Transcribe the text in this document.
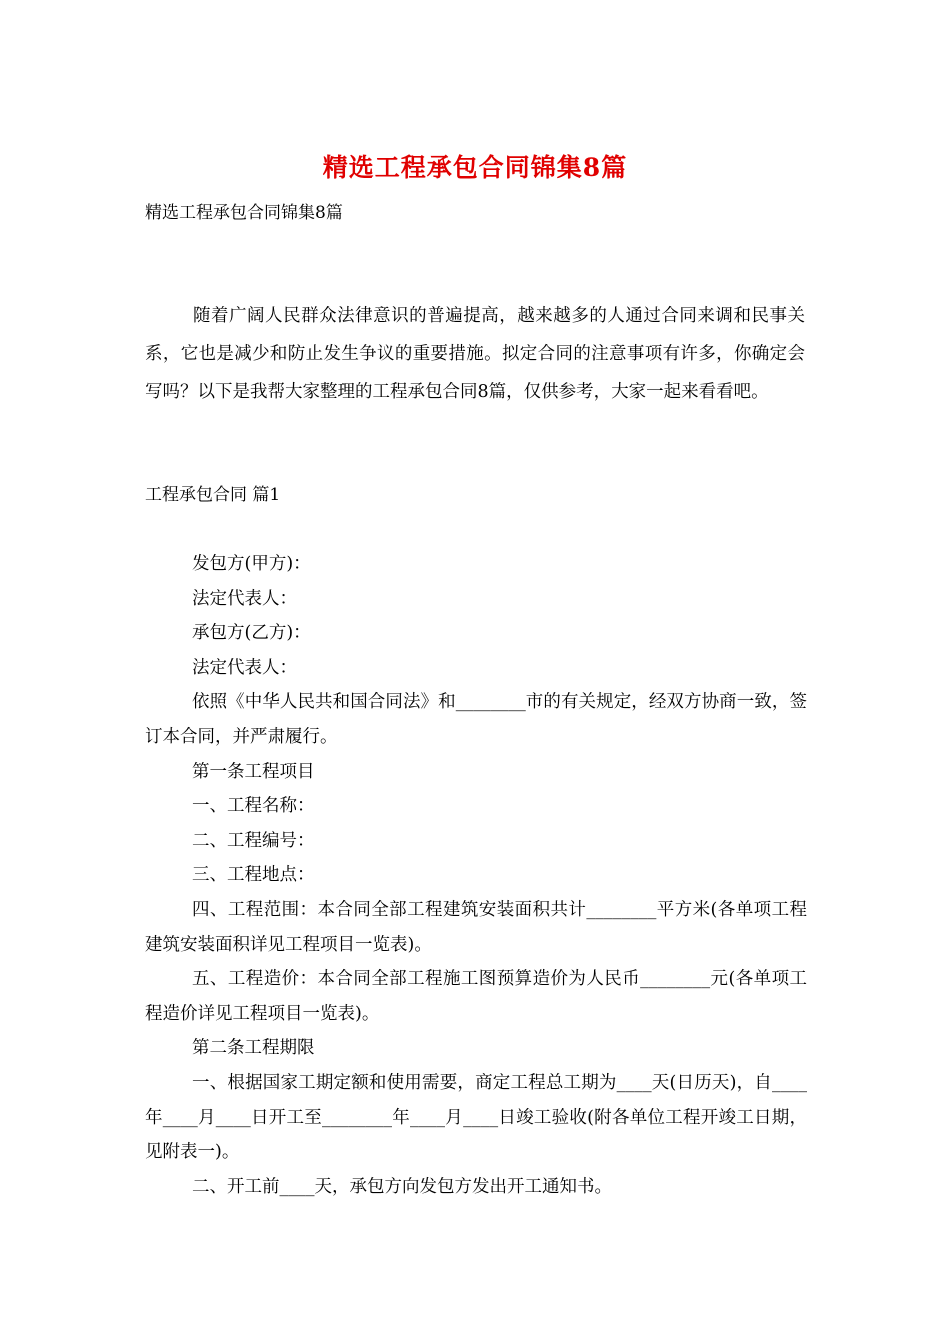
精选工程承包合同锦集8篇
精选工程承包合同锦集8篇

随着广阔人民群众法律意识的普遍提高，越来越多的人通过合同来调和民事关系，它也是减少和防止发生争议的重要措施。拟定合同的注意事项有许多，你确定会写吗？以下是我帮大家整理的工程承包合同8篇，仅供参考，大家一起来看看吧。

工程承包合同 篇1

发包方(甲方)：

法定代表人：

承包方(乙方)：

法定代表人：

依照《中华人民共和国合同法》和________市的有关规定，经双方协商一致，签订本合同，并严肃履行。

第一条工程项目

一、工程名称：

二、工程编号：

三、工程地点：

四、工程范围：本合同全部工程建筑安装面积共计________平方米(各单项工程建筑安装面积详见工程项目一览表)。

五、工程造价：本合同全部工程施工图预算造价为人民币________元(各单项工程造价详见工程项目一览表)。

第二条工程期限

一、根据国家工期定额和使用需要，商定工程总工期为____天(日历天)，自____年____月____日开工至________年____月____日竣工验收(附各单位工程开竣工日期，见附表一)。

二、开工前____天，承包方向发包方发出开工通知书。
